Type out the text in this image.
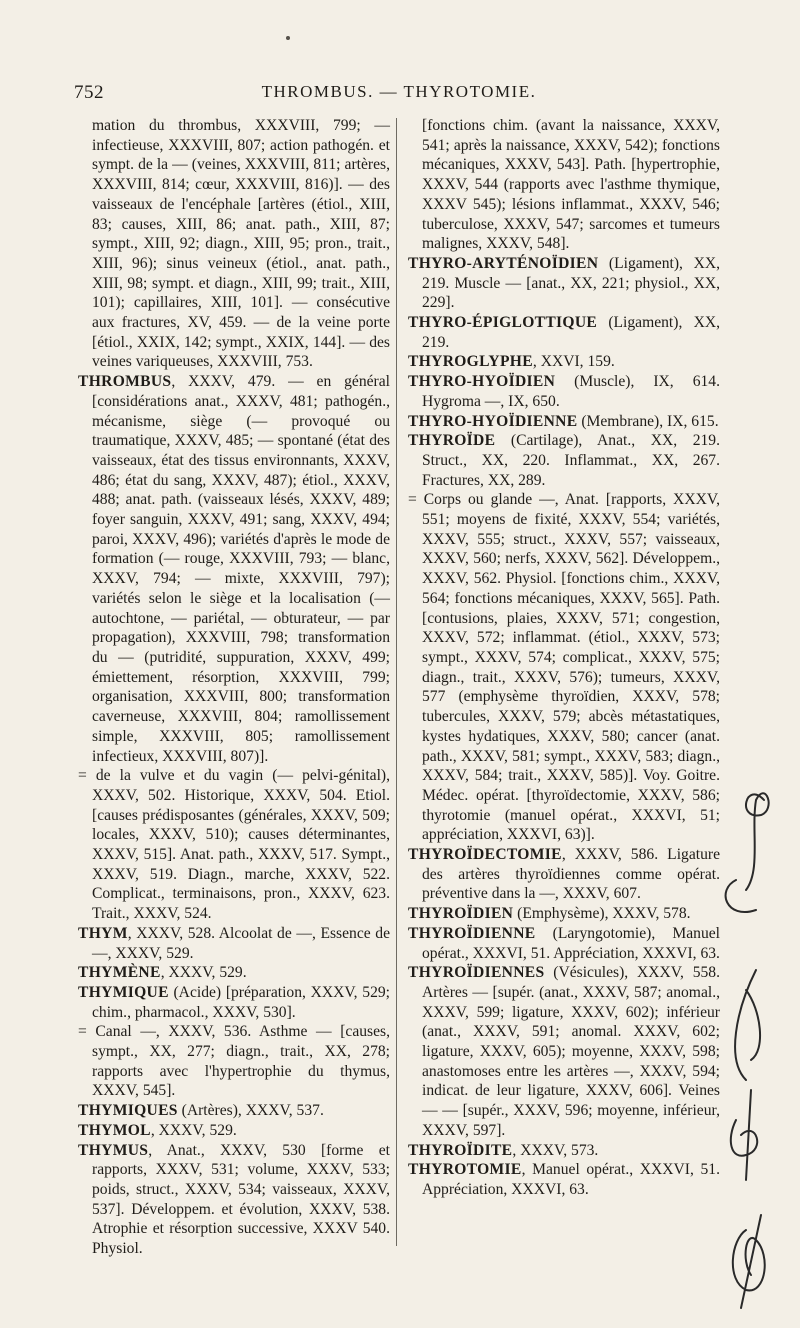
752	THROMBUS. — THYROTOMIE.

mation du thrombus, XXXVIII, 799; — infectieuse, XXXVIII, 807; action pathogén. et sympt. de la — (veines, XXXVIII, 811; artères, XXXVIII, 814; cœur, XXXVIII, 816)]. — des vaisseaux de l'encéphale [artères (étiol., XIII, 83; causes, XIII, 86; anat. path., XIII, 87; sympt., XIII, 92; diagn., XIII, 95; pron., trait., XIII, 96); sinus veineux (étiol., anat. path., XIII, 98; sympt. et diagn., XIII, 99; trait., XIII, 101); capillaires, XIII, 101]. — consécutive aux fractures, XV, 459. — de la veine porte [étiol., XXIX, 142; sympt., XXIX, 144]. — des veines variqueuses, XXXVIII, 753.

THROMBUS, XXXV, 479. — en général [considérations anat., XXXV, 481; pathogén., mécanisme, siège (— provoqué ou traumatique, XXXV, 485; — spontané (état des vaisseaux, état des tissus environnants, XXXV, 486; état du sang, XXXV, 487); étiol., XXXV, 488; anat. path. (vaisseaux lésés, XXXV, 489; foyer sanguin, XXXV, 491; sang, XXXV, 494; paroi, XXXV, 496); variétés d'après le mode de formation (— rouge, XXXVIII, 793; — blanc, XXXV, 794; — mixte, XXXVIII, 797); variétés selon le siège et la localisation (— autochtone, — pariétal, — obturateur, — par propagation), XXXVIII, 798; transformation du — (putridité, suppuration, XXXV, 499; émiettement, résorption, XXXVIII, 799; organisation, XXXVIII, 800; transformation caverneuse, XXXVIII, 804; ramollissement simple, XXXVIII, 805; ramollissement infectieux, XXXVIII, 807)].

= de la vulve et du vagin (— pelvi-génital), XXXV, 502. Historique, XXXV, 504. Etiol. [causes prédisposantes (générales, XXXV, 509; locales, XXXV, 510); causes déterminantes, XXXV, 515]. Anat. path., XXXV, 517. Sympt., XXXV, 519. Diagn., marche, XXXV, 522. Complicat., terminaisons, pron., XXXV, 623. Trait., XXXV, 524.

THYM, XXXV, 528. Alcoolat de —, Essence de —, XXXV, 529.

THYMÈNE, XXXV, 529.

THYMIQUE (Acide) [préparation, XXXV, 529; chim., pharmacol., XXXV, 530].

= Canal —, XXXV, 536. Asthme — [causes, sympt., XX, 277; diagn., trait., XX, 278; rapports avec l'hypertrophie du thymus, XXXV, 545].

THYMIQUES (Artères), XXXV, 537.

THYMOL, XXXV, 529.

THYMUS, Anat., XXXV, 530 [forme et rapports, XXXV, 531; volume, XXXV, 533; poids, struct., XXXV, 534; vaisseaux, XXXV, 537]. Développem. et évolution, XXXV, 538. Atrophie et résorption successive, XXXV 540. Physiol.

[fonctions chim. (avant la naissance, XXXV, 541; après la naissance, XXXV, 542); fonctions mécaniques, XXXV, 543]. Path. [hypertrophie, XXXV, 544 (rapports avec l'asthme thymique, XXXV 545); lésions inflammat., XXXV, 546; tuberculose, XXXV, 547; sarcomes et tumeurs malignes, XXXV, 548].

THYRO-ARYTÉNOÏDIEN (Ligament), XX, 219. Muscle — [anat., XX, 221; physiol., XX, 229].

THYRO-ÉPIGLOTTIQUE (Ligament), XX, 219.

THYROGLYPHE, XXVI, 159.

THYRO-HYOÏDIEN (Muscle), IX, 614. Hygroma —, IX, 650.

THYRO-HYOÏDIENNE (Membrane), IX, 615.

THYROÏDE (Cartilage), Anat., XX, 219. Struct., XX, 220. Inflammat., XX, 267. Fractures, XX, 289.

= Corps ou glande —, Anat. [rapports, XXXV, 551; moyens de fixité, XXXV, 554; variétés, XXXV, 555; struct., XXXV, 557; vaisseaux, XXXV, 560; nerfs, XXXV, 562]. Développem., XXXV, 562. Physiol. [fonctions chim., XXXV, 564; fonctions mécaniques, XXXV, 565]. Path. [contusions, plaies, XXXV, 571; congestion, XXXV, 572; inflammat. (étiol., XXXV, 573; sympt., XXXV, 574; complicat., XXXV, 575; diagn., trait., XXXV, 576); tumeurs, XXXV, 577 (emphysème thyroïdien, XXXV, 578; tubercules, XXXV, 579; abcès métastatiques, kystes hydatiques, XXXV, 580; cancer (anat. path., XXXV, 581; sympt., XXXV, 583; diagn., XXXV, 584; trait., XXXV, 585)]. Voy. Goitre. Médec. opérat. [thyroïdectomie, XXXV, 586; thyrotomie (manuel opérat., XXXVI, 51; appréciation, XXXVI, 63)].

THYROÏDECTOMIE, XXXV, 586. Ligature des artères thyroïdiennes comme opérat. préventive dans la —, XXXV, 607.

THYROÏDIEN (Emphysème), XXXV, 578.

THYROÏDIENNE (Laryngotomie), Manuel opérat., XXXVI, 51. Appréciation, XXXVI, 63.

THYROÏDIENNES (Vésicules), XXXV, 558. Artères — [supér. (anat., XXXV, 587; anomal., XXXV, 599; ligature, XXXV, 602); inférieur (anat., XXXV, 591; anomal. XXXV, 602; ligature, XXXV, 605); moyenne, XXXV, 598; anastomoses entre les artères —, XXXV, 594; indicat. de leur ligature, XXXV, 606]. Veines — — [supér., XXXV, 596; moyenne, inférieur, XXXV, 597].

THYROÏDITE, XXXV, 573.

THYROTOMIE, Manuel opérat., XXXVI, 51. Appréciation, XXXVI, 63.
